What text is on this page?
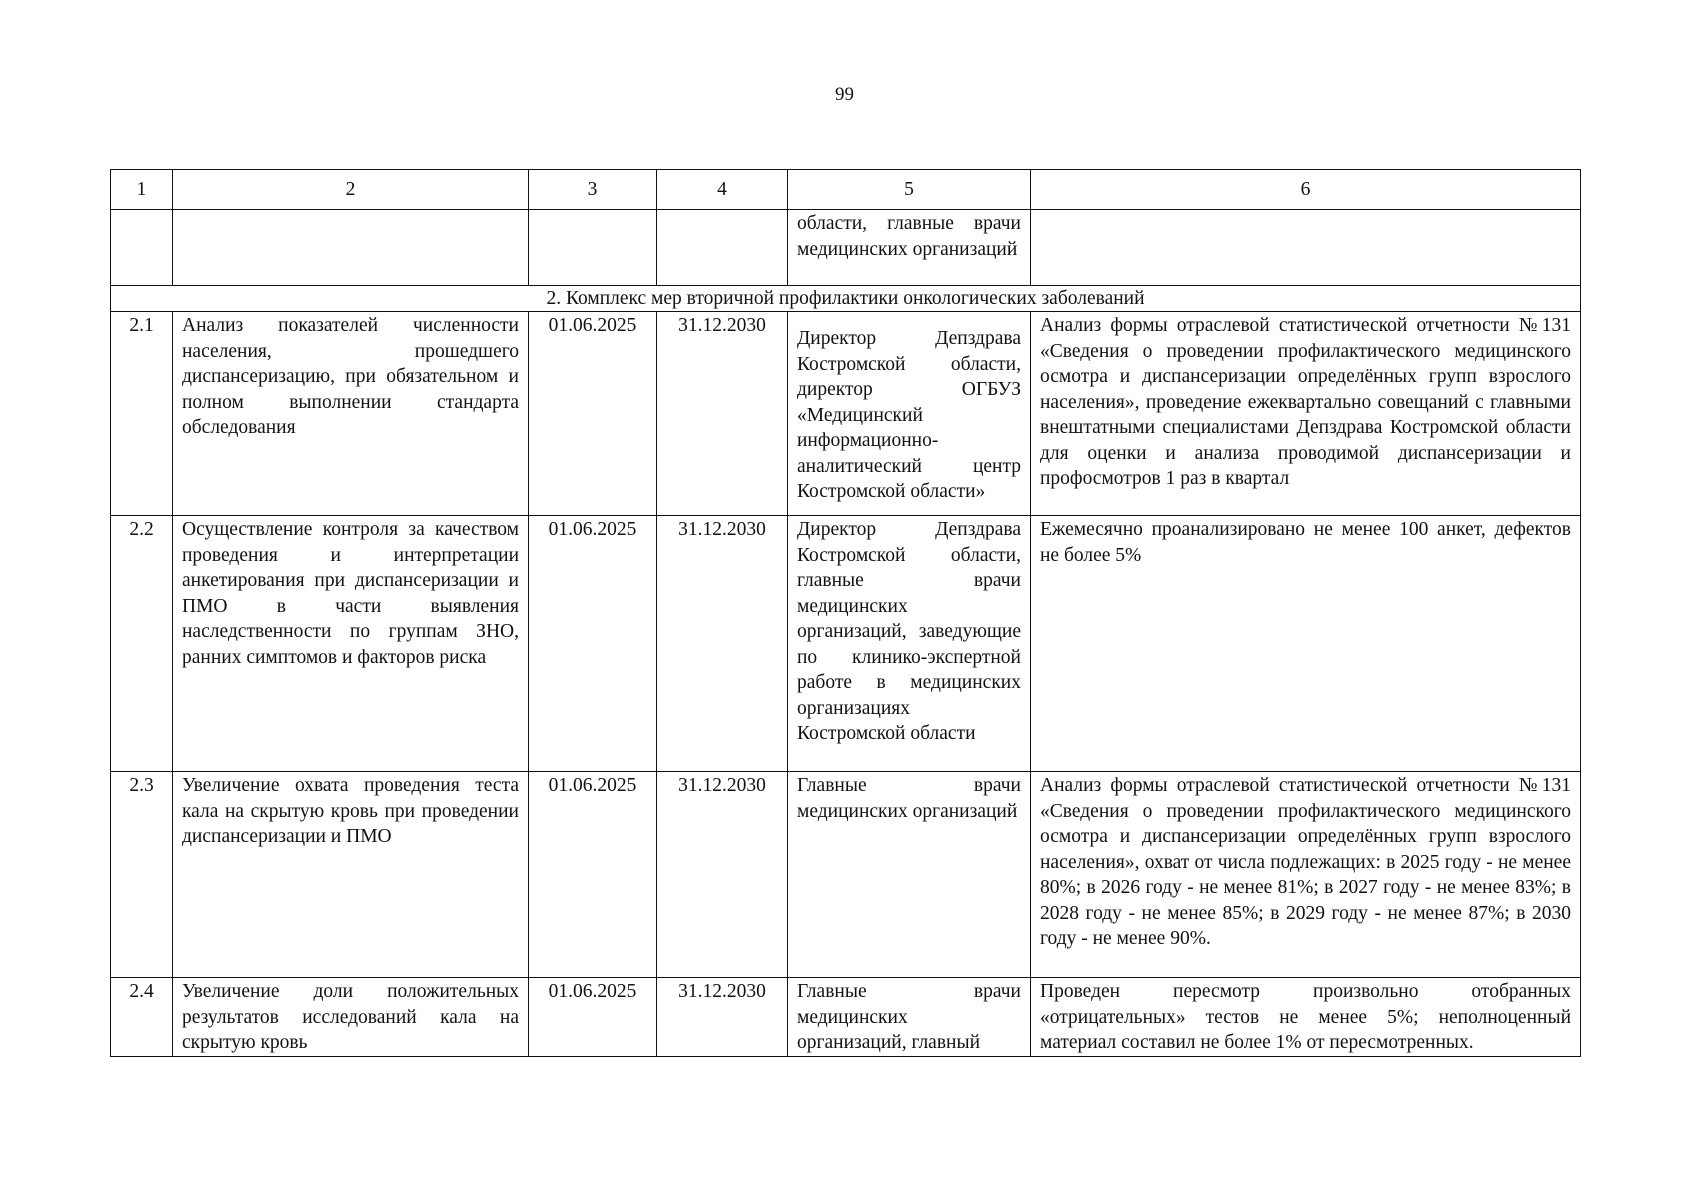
99
1	2	3	4	5	6
				области, главные врачи медицинских организаций	
2. Комплекс мер вторичной профилактики онкологических заболеваний					
2.1	Анализ показателей численности населения, прошедшего диспансеризацию, при обязательном и полном выполнении стандарта обследования	01.06.2025	31.12.2030	Директор Депздрава Костромской области, директор ОГБУЗ «Медицинский информационно-аналитический центр Костромской области»	Анализ формы отраслевой статистической отчетности №131 «Сведения о проведении профилактического медицинского осмотра и диспансеризации определённых групп взрослого населения», проведение ежеквартально совещаний с главными внештатными специалистами Депздрава Костромской области для оценки и анализа проводимой диспансеризации и профосмотров 1 раз в квартал
2.2	Осуществление контроля за качеством проведения и интерпретации анкетирования при диспансеризации и ПМО в части выявления наследственности по группам ЗНО, ранних симптомов и факторов риска	01.06.2025	31.12.2030	Директор Депздрава Костромской области, главные врачи медицинских организаций, заведующие по клинико-экспертной работе в медицинских организациях Костромской области	Ежемесячно проанализировано не менее 100 анкет, дефектов не более 5%
2.3	Увеличение охвата проведения теста кала на скрытую кровь при проведении диспансеризации и ПМО	01.06.2025	31.12.2030	Главные врачи медицинских организаций	Анализ формы отраслевой статистической отчетности №131 «Сведения о проведении профилактического медицинского осмотра и диспансеризации определённых групп взрослого населения», охват от числа подлежащих: в 2025 году - не менее 80%; в 2026 году - не менее 81%; в 2027 году - не менее 83%; в 2028 году - не менее 85%; в 2029 году - не менее 87%; в 2030 году - не менее 90%.
2.4	Увеличение доли положительных результатов исследований кала на скрытую кровь	01.06.2025	31.12.2030	Главные врачи медицинских организаций, главный	Проведен пересмотр произвольно отобранных «отрицательных» тестов не менее 5%; неполноценный материал составил не более 1% от пересмотренных.
